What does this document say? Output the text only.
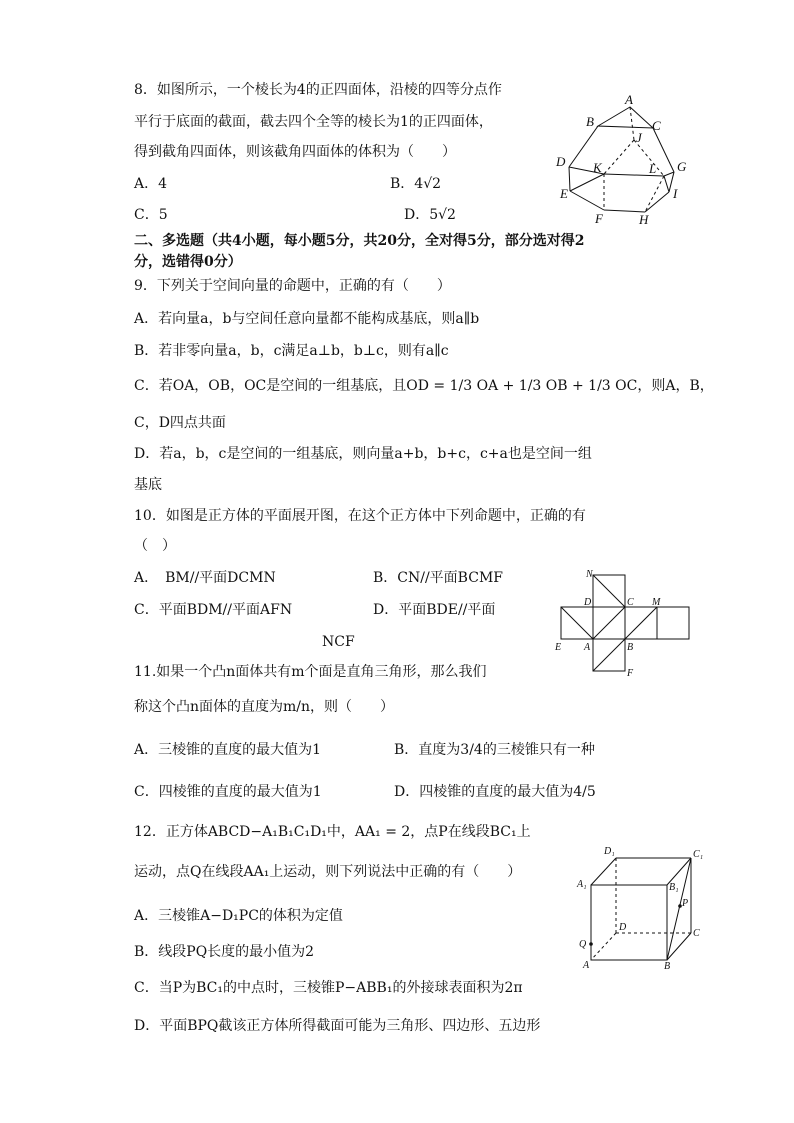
8．如图所示，一个棱长为4的正四面体，沿棱的四等分点作
平行于底面的截面，截去四个全等的棱长为1的正四面体，
得到截角四面体，则该截角四面体的体积为（　　）
A．4	B．4√2
C．5	D．5√2
A
B	C
J
D K	L G
E	I
F	H
二、多选题（共4小题，每小题5分，共20分，全对得5分，部分选对得2
分，选错得0分）
9．下列关于空间向量的命题中，正确的有（　　）
A．若向量a，b与空间任意向量都不能构成基底，则a∥b
B．若非零向量a，b，c满足a⊥b，b⊥c，则有a∥c
C．若OA，OB，OC是空间的一组基底，且OD = 1/3 OA + 1/3 OB + 1/3 OC，则A，B，
C，D四点共面
D．若a，b，c是空间的一组基底，则向量a+b，b+c，c+a也是空间一组
基底
10．如图是正方体的平面展开图，在这个正方体中下列命题中，正确的有
（　）
A．　BM//平面DCMN	B．CN//平面BCMF
C．平面BDM//平面AFN	D．平面BDE//平面
NCF
N
D	C M
E A	B
F
11.如果一个凸n面体共有m个面是直角三角形，那么我们
称这个凸n面体的直度为m/n，则（　　）
A．三棱锥的直度的最大值为1	B．直度为3/4的三棱锥只有一种
C．四棱锥的直度的最大值为1	D．四棱锥的直度的最大值为4/5
12．正方体ABCD−A₁B₁C₁D₁中，AA₁ = 2，点P在线段BC₁上
运动，点Q在线段AA₁上运动，则下列说法中正确的有（　　）
A．三棱锥A−D₁PC的体积为定值
B．线段PQ长度的最小值为2
C．当P为BC₁的中点时，三棱锥P−ABB₁的外接球表面积为2π
D．平面BPQ截该正方体所得截面可能为三角形、四边形、五边形
D₁	C₁
A₁	B₁
P
D
C
Q
A	B
